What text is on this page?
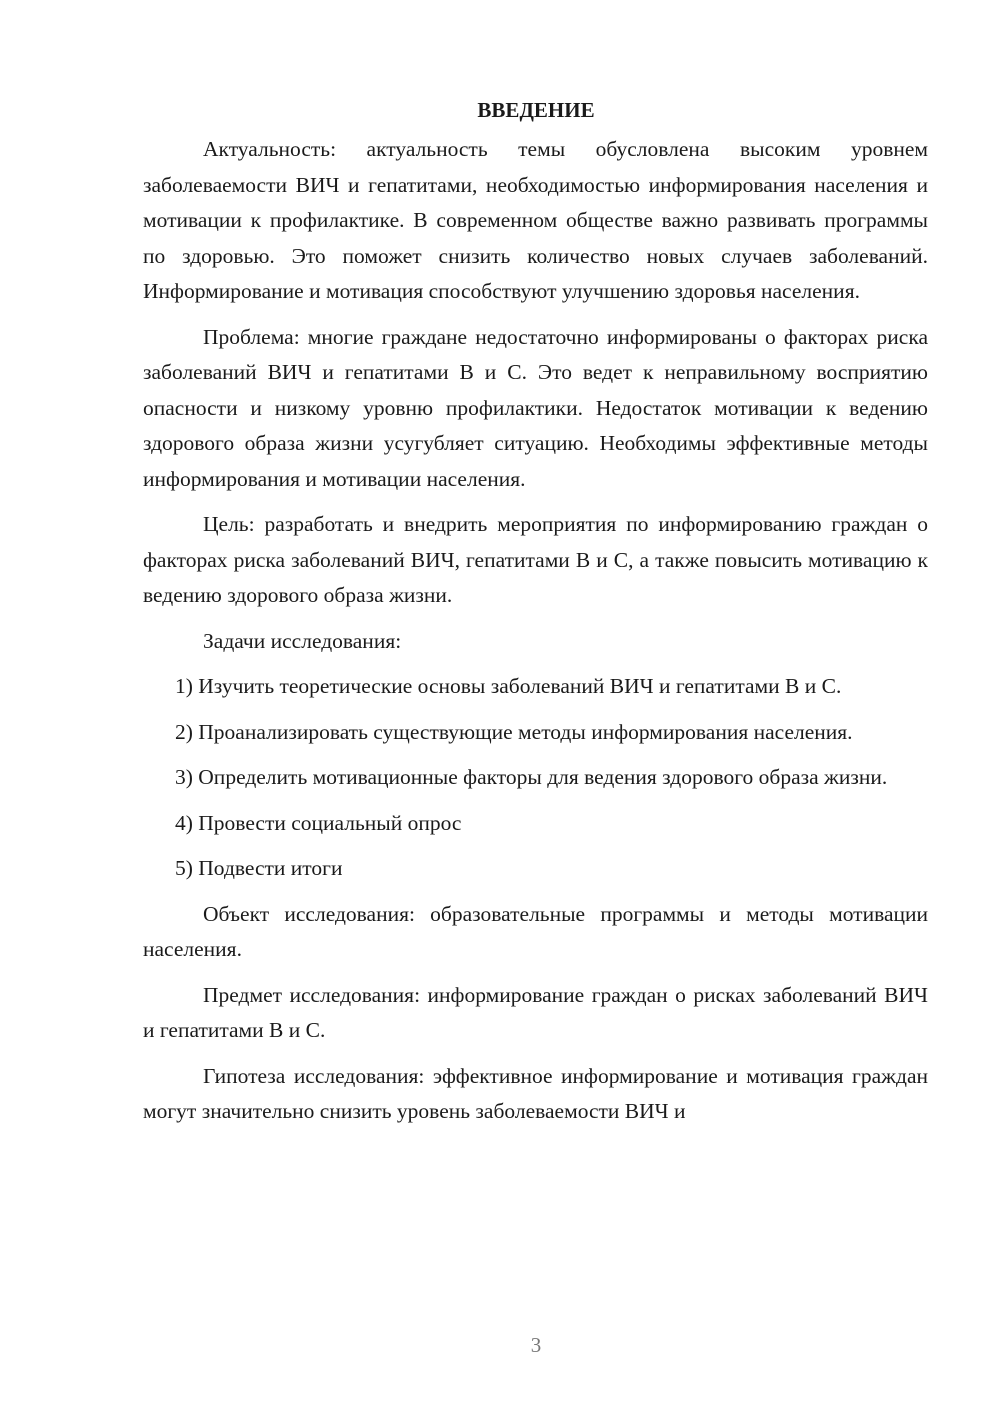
ВВЕДЕНИЕ

Актуальность: актуальность темы обусловлена высоким уровнем заболеваемости ВИЧ и гепатитами, необходимостью информирования населения и мотивации к профилактике. В современном обществе важно развивать программы по здоровью. Это поможет снизить количество новых случаев заболеваний. Информирование и мотивация способствуют улучшению здоровья населения.

Проблема: многие граждане недостаточно информированы о факторах риска заболеваний ВИЧ и гепатитами В и С. Это ведет к неправильному восприятию опасности и низкому уровню профилактики. Недостаток мотивации к ведению здорового образа жизни усугубляет ситуацию. Необходимы эффективные методы информирования и мотивации населения.

Цель: разработать и внедрить мероприятия по информированию граждан о факторах риска заболеваний ВИЧ, гепатитами В и С, а также повысить мотивацию к ведению здорового образа жизни.

Задачи исследования:

1) Изучить теоретические основы заболеваний ВИЧ и гепатитами В и С.

2) Проанализировать существующие методы информирования населения.

3) Определить мотивационные факторы для ведения здорового образа жизни.

4) Провести социальный опрос

5) Подвести итоги

Объект исследования: образовательные программы и методы мотивации населения.

Предмет исследования: информирование граждан о рисках заболеваний ВИЧ и гепатитами В и С.

Гипотеза исследования: эффективное информирование и мотивация граждан могут значительно снизить уровень заболеваемости ВИЧ и

3
